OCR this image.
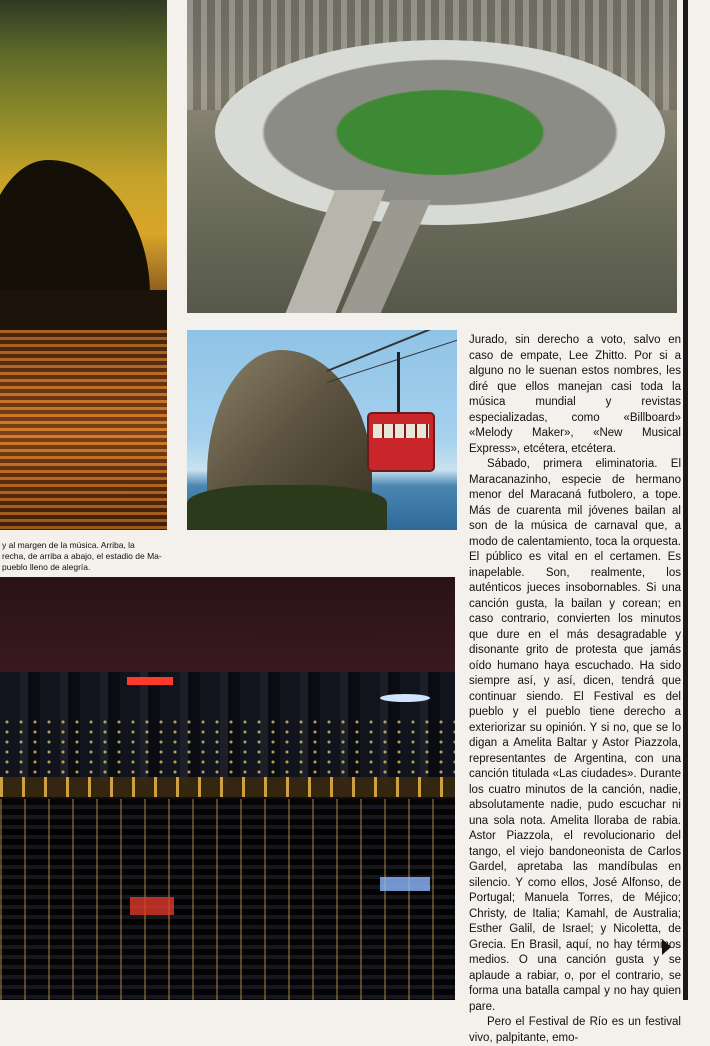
y al margen de la música. Arriba, la
recha, de arriba a abajo, el estadio de Ma-
pueblo lleno de alegría.

Jurado, sin derecho a voto, salvo en caso de empate, Lee Zhitto. Por si a alguno no le suenan estos nombres, les diré que ellos manejan casi toda la música mundial y revistas especializadas, como «Billboard» «Melody Maker», «New Musical Express», etcétera, etcétera.

Sábado, primera eliminatoria. El Maracanazinho, especie de hermano menor del Maracaná futbolero, a tope. Más de cuarenta mil jóvenes bailan al son de la música de carnaval que, a modo de calentamiento, toca la orquesta. El público es vital en el certamen. Es inapelable. Son, realmente, los auténticos jueces insobornables. Si una canción gusta, la bailan y corean; en caso contrario, convierten los minutos que dure en el más desagradable y disonante grito de protesta que jamás oído humano haya escuchado. Ha sido siempre así, y así, dicen, tendrá que continuar siendo. El Festival es del pueblo y el pueblo tiene derecho a exteriorizar su opinión. Y si no, que se lo digan a Amelita Baltar y Astor Piazzola, representantes de Argentina, con una canción titulada «Las ciudades». Durante los cuatro minutos de la canción, nadie, absolutamente nadie, pudo escuchar ni una sola nota. Amelita lloraba de rabia. Astor Piazzola, el revolucionario del tango, el viejo bandoneonista de Carlos Gardel, apretaba las mandíbulas en silencio. Y como ellos, José Alfonso, de Portugal; Manuela Torres, de Méjico; Christy, de Italia; Kamahl, de Australia; Esther Galil, de Israel; y Nicoletta, de Grecia. En Brasil, aquí, no hay términos medios. O una canción gusta y se aplaude a rabiar, o, por el contrario, se forma una batalla campal y no hay quien pare.

Pero el Festival de Río es un festival vivo, palpitante, emo-
